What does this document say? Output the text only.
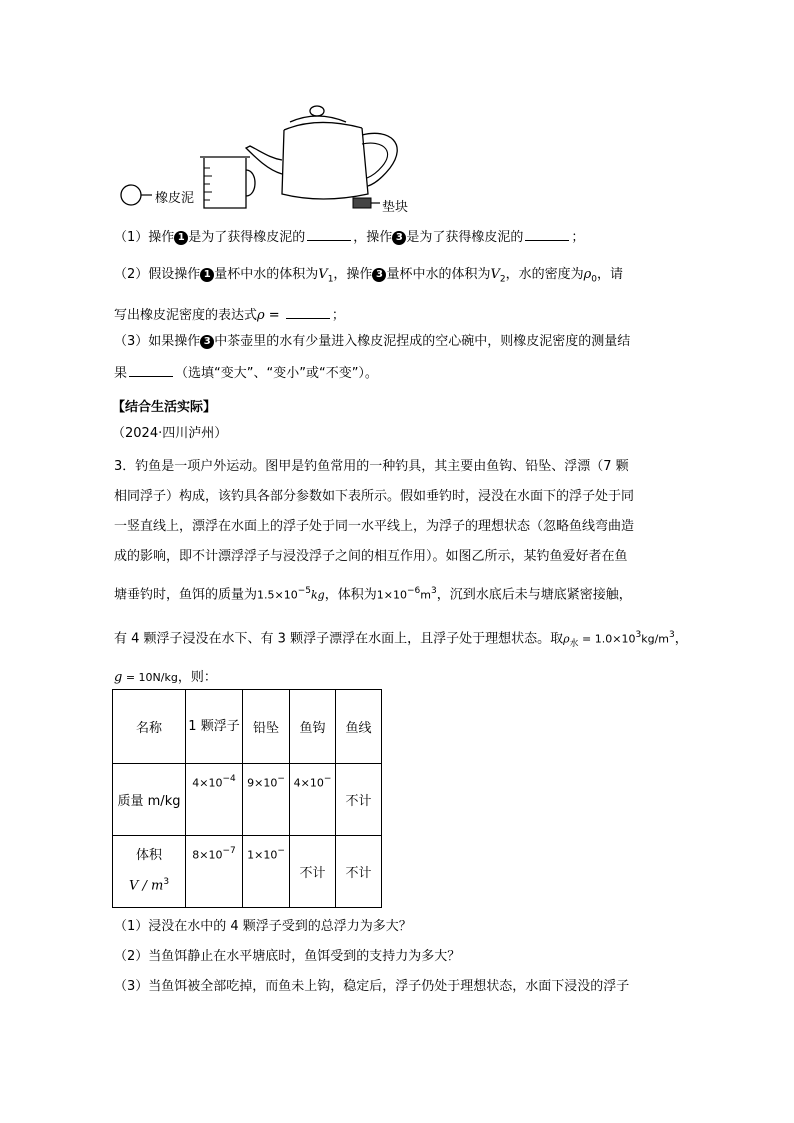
橡皮泥
垫块
（1）操作 1 是为了获得橡皮泥的	，操作 3 是为了获得橡皮泥的	；
（2）假设操作 1 量杯中水的体积为$V_1$，操作 3 量杯中水的体积为$V_2$，水的密度为$\rho_0$，请
写出橡皮泥密度的表达式ρ =	；
（3）如果操作 3 中茶壶里的水有少量进入橡皮泥捏成的空心碗中，则橡皮泥密度的测量结
果	（选填“变大”、“变小”或“不变”）。
【结合生活实际】
（2024·四川泸州）
3．钓鱼是一项户外运动。图甲是钓鱼常用的一种钓具，其主要由鱼钩、铅坠、浮漂（7 颗
相同浮子）构成，该钓具各部分参数如下表所示。假如垂钓时，浸没在水面下的浮子处于同
一竖直线上，漂浮在水面上的浮子处于同一水平线上，为浮子的理想状态（忽略鱼线弯曲造
成的影响，即不计漂浮浮子与浸没浮子之间的相互作用）。如图乙所示，某钓鱼爱好者在鱼
塘垂钓时，鱼饵的质量为$1.5\times 10^{-5}kg$，体积为$1\times 10^{-6}m^3$，沉到水底后未与塘底紧密接触，
有 4 颗浮子浸没在水下、有 3 颗浮子漂浮在水面上，且浮子处于理想状态。取$\rho_水 = 1.0\times 10^3kg/m^3$，
g = 10N/kg，则：
名称	1 颗浮子	铅坠	鱼钩	鱼线
质量 m/kg	$4\times 10^{-4}$	9×10−	4×10−	不计

体积
V / $m^3$	$8\times 10^{-7}$	1×10−	不计	不计
（1）浸没在水中的 4 颗浮子受到的总浮力为多大？
（2）当鱼饵静止在水平塘底时，鱼饵受到的支持力为多大？
（3）当鱼饵被全部吃掉，而鱼未上钩，稳定后，浮子仍处于理想状态，水面下浸没的浮子
